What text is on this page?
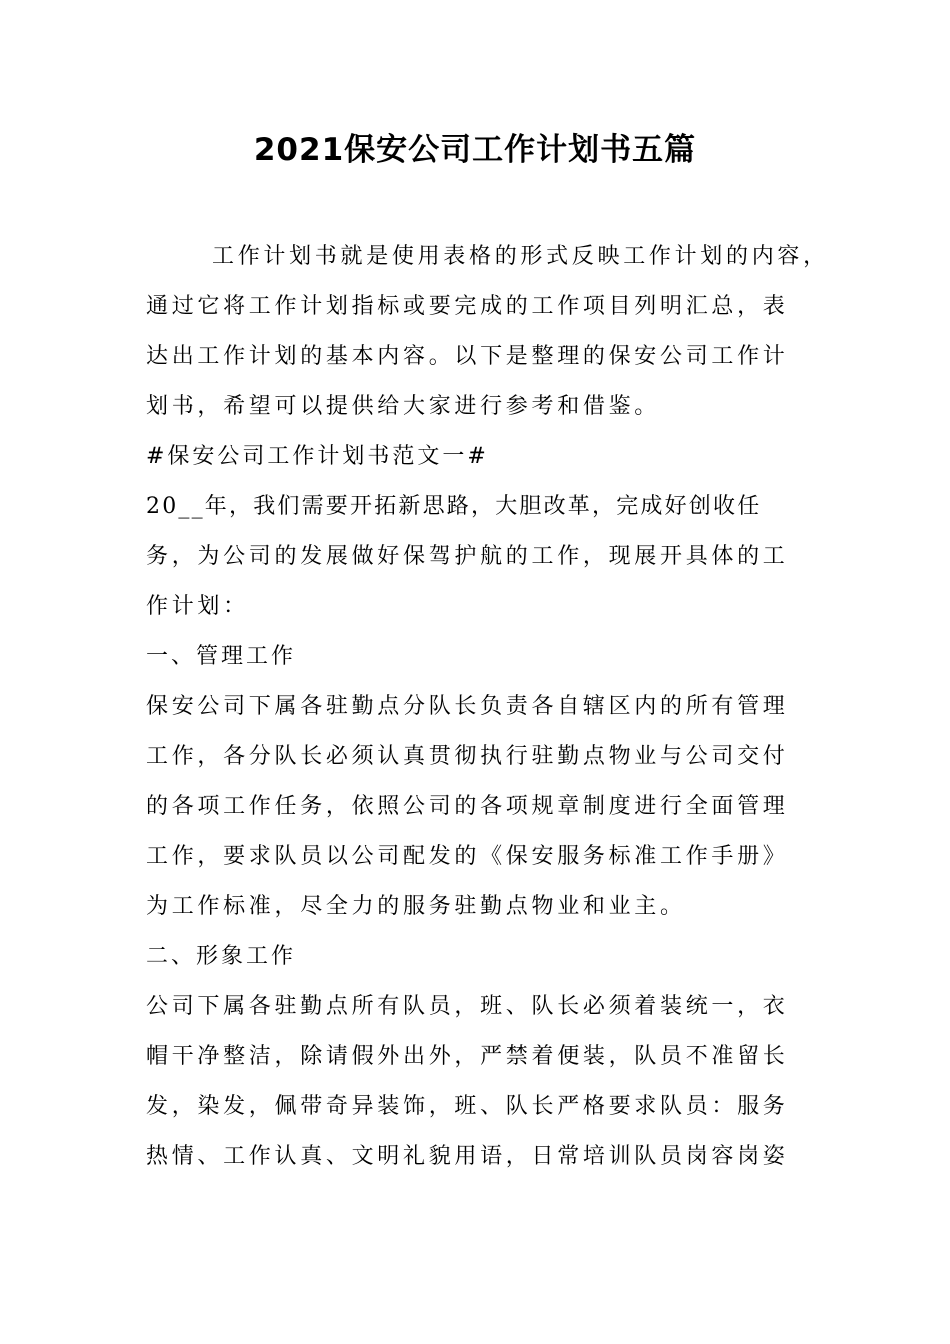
2021保安公司工作计划书五篇
工作计划书就是使用表格的形式反映工作计划的内容，
通过它将工作计划指标或要完成的工作项目列明汇总，表
达出工作计划的基本内容。以下是整理的保安公司工作计
划书，希望可以提供给大家进行参考和借鉴。
#保安公司工作计划书范文一#
20__年，我们需要开拓新思路，大胆改革，完成好创收任
务，为公司的发展做好保驾护航的工作，现展开具体的工
作计划：
一、管理工作
保安公司下属各驻勤点分队长负责各自辖区内的所有管理
工作，各分队长必须认真贯彻执行驻勤点物业与公司交付
的各项工作任务，依照公司的各项规章制度进行全面管理
工作，要求队员以公司配发的《保安服务标准工作手册》
为工作标准，尽全力的服务驻勤点物业和业主。
二、形象工作
公司下属各驻勤点所有队员，班、队长必须着装统一，衣
帽干净整洁，除请假外出外，严禁着便装，队员不准留长
发，染发，佩带奇异装饰，班、队长严格要求队员：服务
热情、工作认真、文明礼貌用语，日常培训队员岗容岗姿
